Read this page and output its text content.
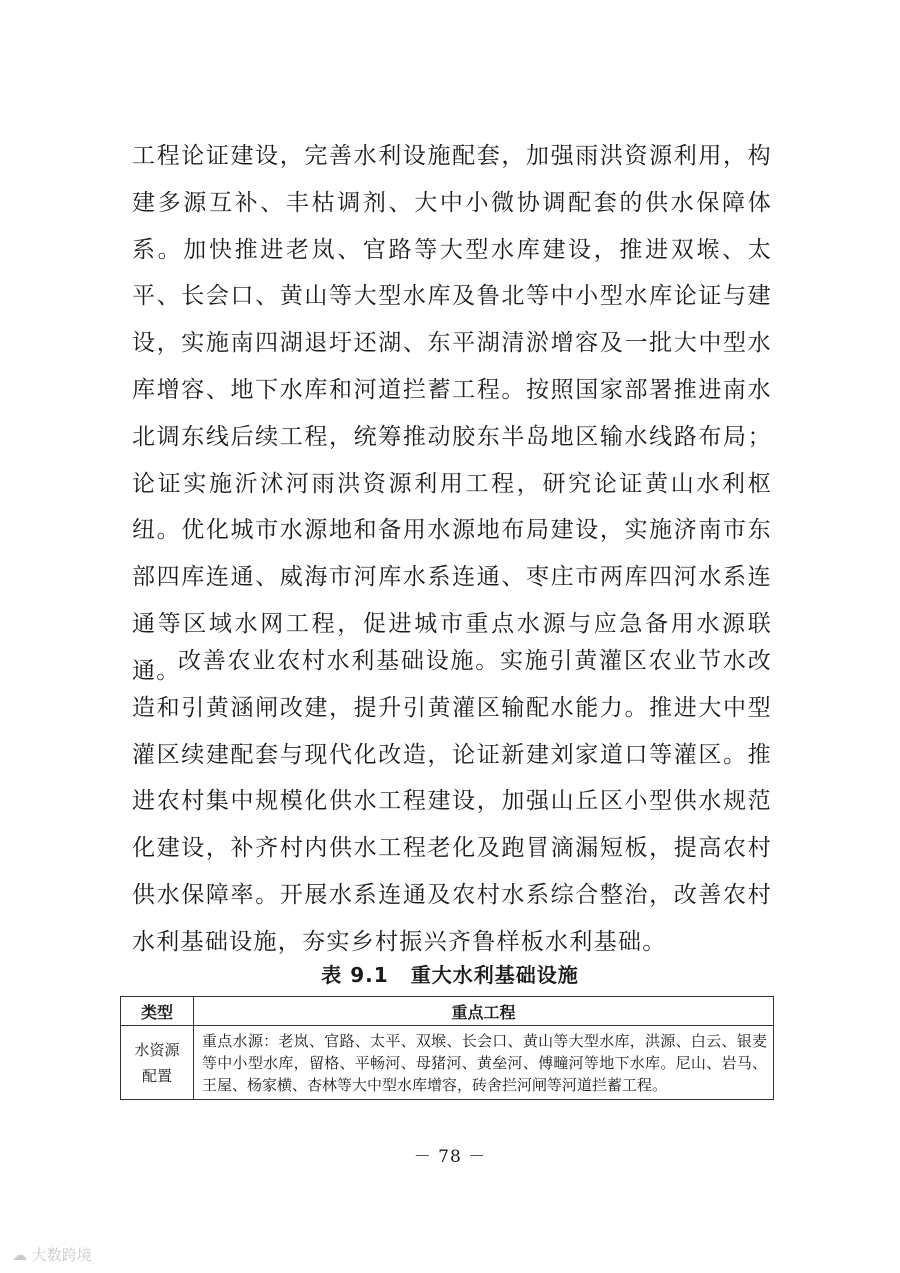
工程论证建设，完善水利设施配套，加强雨洪资源利用，构建多源互补、丰枯调剂、大中小微协调配套的供水保障体系。加快推进老岚、官路等大型水库建设，推进双堠、太平、长会口、黄山等大型水库及鲁北等中小型水库论证与建设，实施南四湖退圩还湖、东平湖清淤增容及一批大中型水库增容、地下水库和河道拦蓄工程。按照国家部署推进南水北调东线后续工程，统筹推动胶东半岛地区输水线路布局；论证实施沂沭河雨洪资源利用工程，研究论证黄山水利枢纽。优化城市水源地和备用水源地布局建设，实施济南市东部四库连通、威海市河库水系连通、枣庄市两库四河水系连通等区域水网工程，促进城市重点水源与应急备用水源联通。

改善农业农村水利基础设施。实施引黄灌区农业节水改造和引黄涵闸改建，提升引黄灌区输配水能力。推进大中型灌区续建配套与现代化改造，论证新建刘家道口等灌区。推进农村集中规模化供水工程建设，加强山丘区小型供水规范化建设，补齐村内供水工程老化及跑冒滴漏短板，提高农村供水保障率。开展水系连通及农村水系综合整治，改善农村水利基础设施，夯实乡村振兴齐鲁样板水利基础。

表 9.1 重大水利基础设施
类型	重点工程

水资源
配置	重点水源：老岚、官路、太平、双堠、长会口、黄山等大型水库，洪源、白云、银麦等中小型水库，留格、平畅河、母猪河、黄垒河、傅疃河等地下水库。尼山、岩马、王屋、杨家横、杏林等大中型水库增容，砖舍拦河闸等河道拦蓄工程。
－ 78 －
☁ 大数跨境
